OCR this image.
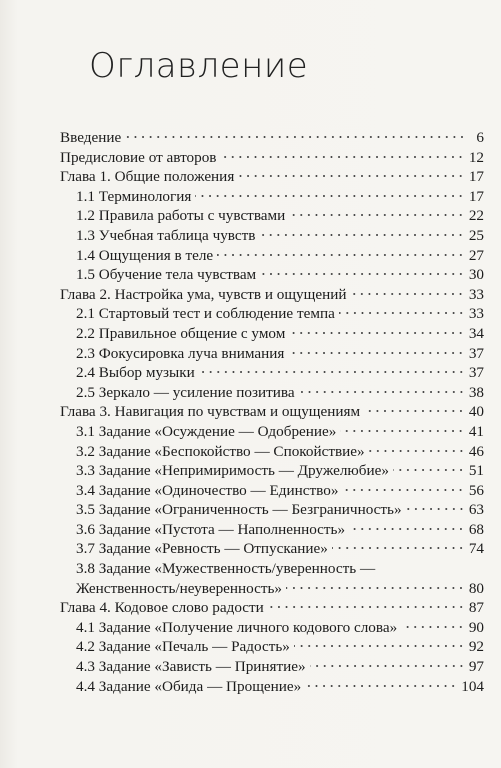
Оглавление
Введение	6
Предисловие от авторов	12
Глава 1. Общие положения	17
1.1 Терминология	17
1.2 Правила работы с чувствами	22
1.3 Учебная таблица чувств	25
1.4 Ощущения в теле	27
1.5 Обучение тела чувствам	30
Глава 2. Настройка ума, чувств и ощущений	33
2.1 Стартовый тест и соблюдение темпа	33
2.2 Правильное общение с умом	34
2.3 Фокусировка луча внимания	37
2.4 Выбор музыки	37
2.5 Зеркало — усиление позитива	38
Глава 3. Навигация по чувствам и ощущениям	40
3.1 Задание «Осуждение — Одобрение»	41
3.2 Задание «Беспокойство — Спокойствие»	46
3.3 Задание «Непримиримость — Дружелюбие»	51
3.4 Задание «Одиночество — Единство»	56
3.5 Задание «Ограниченность — Безграничность»	63
3.6 Задание «Пустота — Наполненность»	68
3.7 Задание «Ревность — Отпускание»	74
3.8 Задание «Мужественность/уверенность —
Женственность/неуверенность»	80
Глава 4. Кодовое слово радости	87
4.1 Задание «Получение личного кодового слова»	90
4.2 Задание «Печаль — Радость»	92
4.3 Задание «Зависть — Принятие»	97
4.4 Задание «Обида — Прощение»	104
